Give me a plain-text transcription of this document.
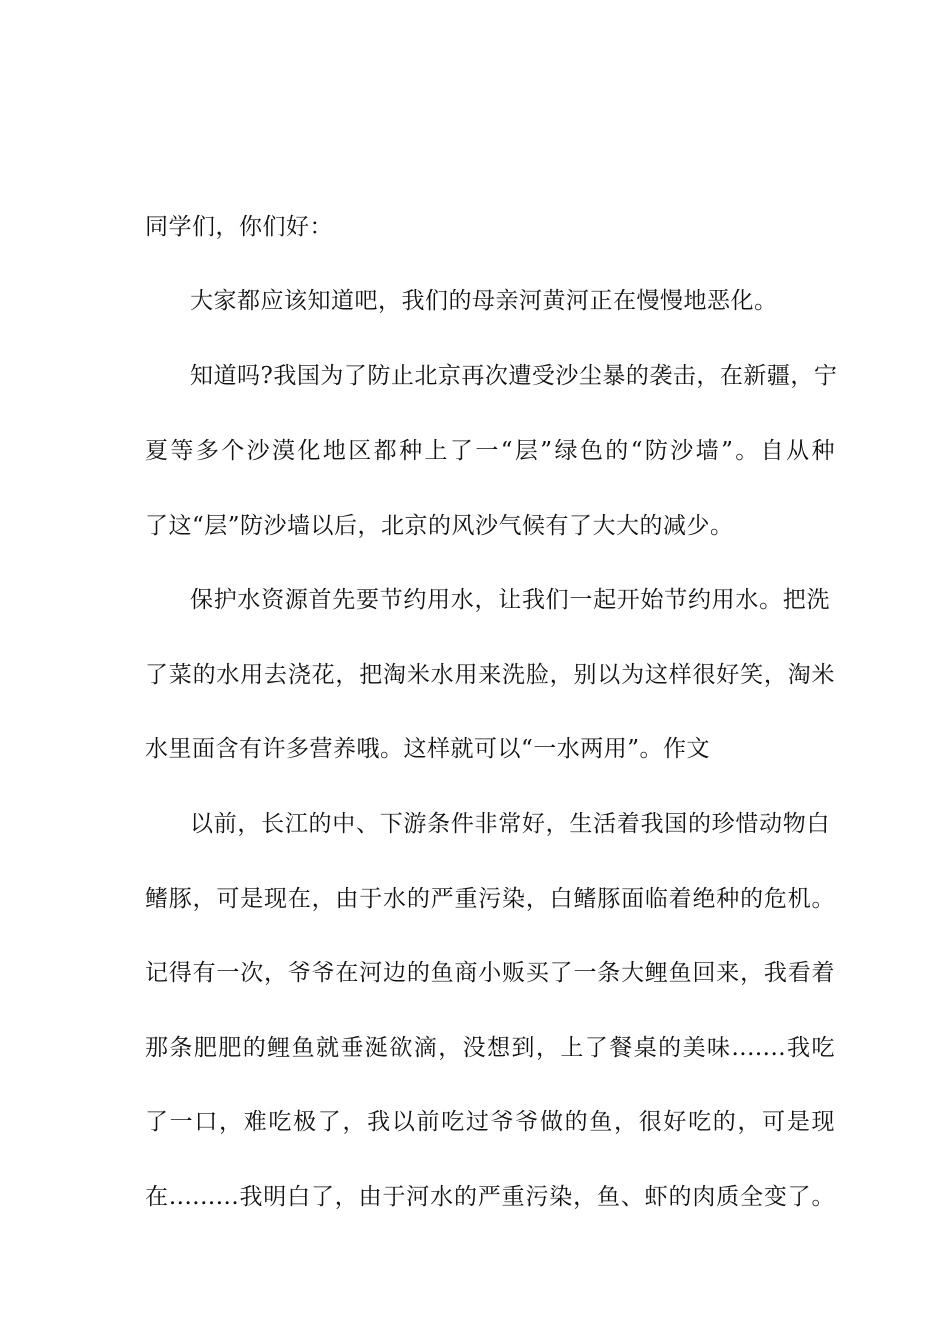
同学们，你们好：
大家都应该知道吧，我们的母亲河黄河正在慢慢地恶化。
知道吗?我国为了防止北京再次遭受沙尘暴的袭击，在新疆，宁
夏等多个沙漠化地区都种上了一“层”绿色的“防沙墙”。自从种
了这“层”防沙墙以后，北京的风沙气候有了大大的减少。
保护水资源首先要节约用水，让我们一起开始节约用水。把洗
了菜的水用去浇花，把淘米水用来洗脸，别以为这样很好笑，淘米
水里面含有许多营养哦。这样就可以“一水两用”。作文
以前，长江的中、下游条件非常好，生活着我国的珍惜动物白
鳍豚，可是现在，由于水的严重污染，白鳍豚面临着绝种的危机。
记得有一次，爷爷在河边的鱼商小贩买了一条大鲤鱼回来，我看着
那条肥肥的鲤鱼就垂涎欲滴，没想到，上了餐桌的美味.......我吃
了一口，难吃极了，我以前吃过爷爷做的鱼，很好吃的，可是现
在.........我明白了，由于河水的严重污染，鱼、虾的肉质全变了。
